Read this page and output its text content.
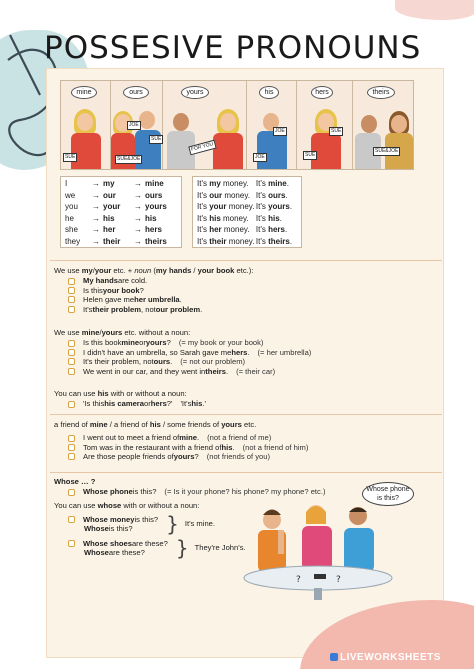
POSSESIVE PRONOUNS
mine
SUE
ours
JOE
SUE
SUE&JOE
yours
FOR YOU
his
JOE
JOE
hers
SUE
SUE
theirs
SUE&JOE
I	→ my	→ mine
we	→ our	→ ours
you	→ your	→ yours
he	→ his	→ his
she	→ her	→ hers
they	→ their	→ theirs
It's my money. It's mine.
It's our money. It's ours.
It's your money. It's yours.
It's his money. It's his.
It's her money. It's hers.
It's their money. It's theirs.
We use my/your etc. + noun (my hands / your book etc.):
My hands are cold.
Is this your book ?
Helen gave me her umbrella .
It's their problem , not our problem .
We use mine/yours etc. without a noun:
Is this book mine or yours ? (= my book or your book)
I didn't have an umbrella, so Sarah gave me hers . (= her umbrella)
It's their problem, not ours . (= not our problem)
We went in our car, and they went in theirs . (= their car)
You can use his with or without a noun:
'Is this his camera or hers ?' 'It's his .'
a friend of mine / a friend of his / some friends of yours etc.
I went out to meet a friend of mine . (not a friend of me)
Tom was in the restaurant with a friend of his . (not a friend of him)
Are those people friends of yours ? (not friends of you)
Whose … ?
Whose phone is this? (= Is it your phone? his phone? my phone? etc.)
You can use whose with or without a noun:
Whose money is this?
Whose is this? } It's mine.
Whose shoes are these?
Whose are these? } They're John's.
Whose phone is this?
?	?
LIVEWORKSHEETS
